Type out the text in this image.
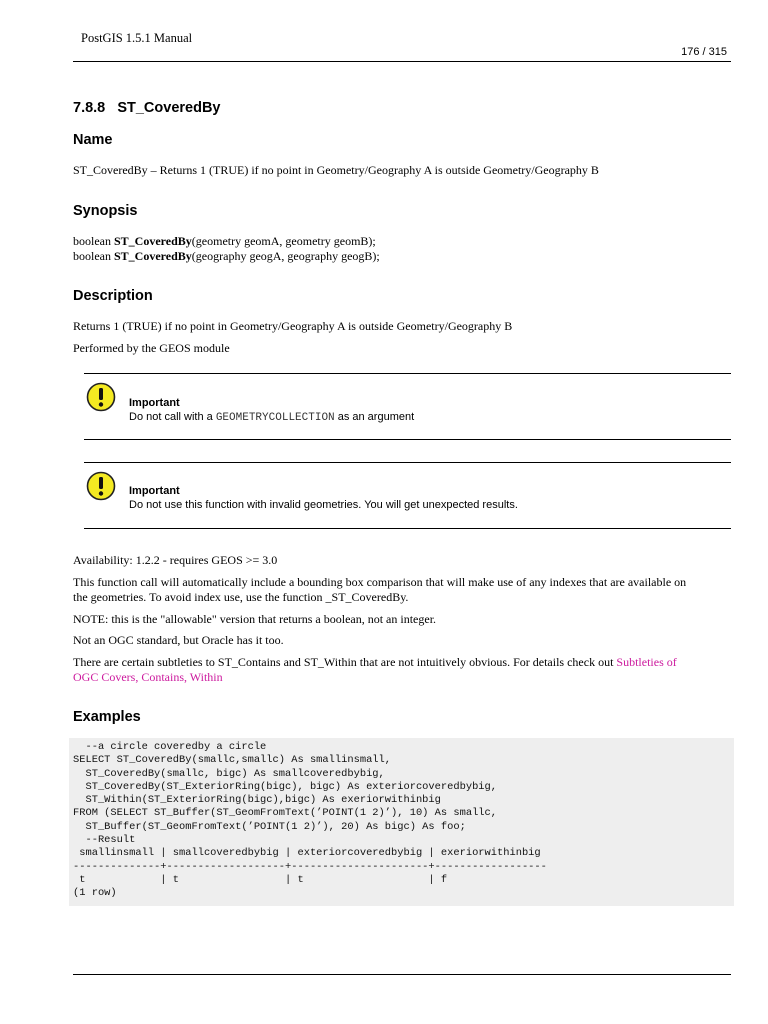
PostGIS 1.5.1 Manual
176 / 315
7.8.8 ST_CoveredBy
Name

ST_CoveredBy – Returns 1 (TRUE) if no point in Geometry/Geography A is outside Geometry/Geography B

Synopsis

boolean ST_CoveredBy(geometry geomA, geometry geomB);

boolean ST_CoveredBy(geography geogA, geography geogB);

Description

Returns 1 (TRUE) if no point in Geometry/Geography A is outside Geometry/Geography B

Performed by the GEOS module

Important
Do not call with a GEOMETRYCOLLECTION as an argument
Important
Do not use this function with invalid geometries. You will get unexpected results.

Availability: 1.2.2 - requires GEOS >= 3.0

This function call will automatically include a bounding box comparison that will make use of any indexes that are available on

the geometries. To avoid index use, use the function _ST_CoveredBy.

NOTE: this is the "allowable" version that returns a boolean, not an integer.

Not an OGC standard, but Oracle has it too.

There are certain subtleties to ST_Contains and ST_Within that are not intuitively obvious. For details check out Subtleties of

OGC Covers, Contains, Within

Examples
--a circle coveredby a circle
SELECT ST_CoveredBy(smallc,smallc) As smallinsmall,
ST_CoveredBy(smallc, bigc) As smallcoveredbybig,
ST_CoveredBy(ST_ExteriorRing(bigc), bigc) As exteriorcoveredbybig,
ST_Within(ST_ExteriorRing(bigc),bigc) As exeriorwithinbig
FROM (SELECT ST_Buffer(ST_GeomFromText(’POINT(1 2)’), 10) As smallc,
ST_Buffer(ST_GeomFromText(’POINT(1 2)’), 20) As bigc) As foo;
--Result
smallinsmall | smallcoveredbybig | exteriorcoveredbybig | exeriorwithinbig
--------------+-------------------+----------------------+------------------
t            | t                 | t                    | f
(1 row)
